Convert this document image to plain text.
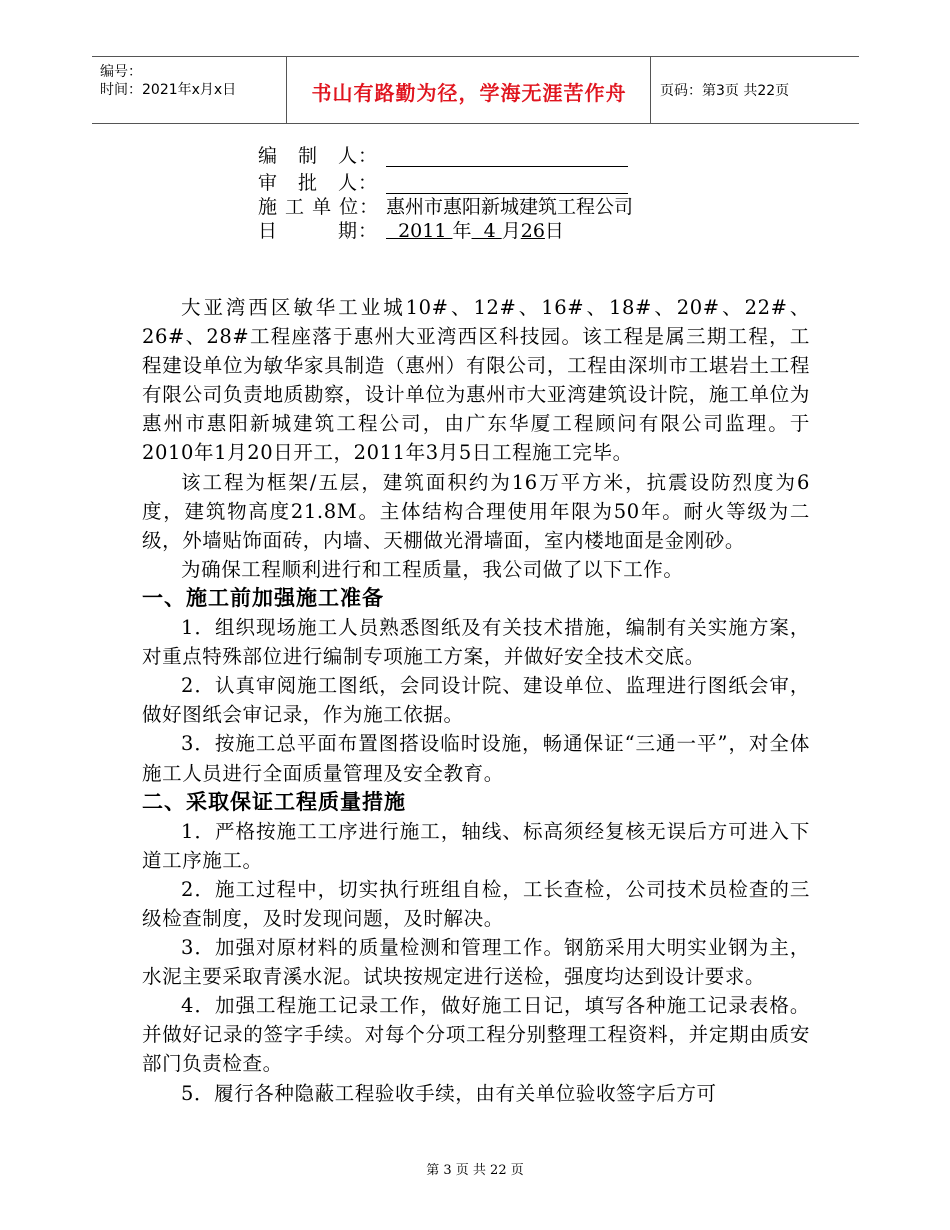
编号：
时间：2021年x月x日	书山有路勤为径，学海无涯苦作舟	页码：第3页 共22页
编　制　人：
审　批　人：
施 工 单 位： 惠州市惠阳新城建筑工程公司
日　　　期：  2011 年  4 月26日

大亚湾西区敏华工业城10#、12#、16#、18#、20#、22#、26#、28#工程座落于惠州大亚湾西区科技园。该工程是属三期工程，工程建设单位为敏华家具制造（惠州）有限公司，工程由深圳市工堪岩土工程有限公司负责地质勘察，设计单位为惠州市大亚湾建筑设计院，施工单位为惠州市惠阳新城建筑工程公司，由广东华厦工程顾问有限公司监理。于2010年1月20日开工，2011年3月5日工程施工完毕。

该工程为框架/五层，建筑面积约为16万平方米，抗震设防烈度为6度，建筑物高度21.8M。主体结构合理使用年限为50年。耐火等级为二级，外墙贴饰面砖，内墙、天棚做光滑墙面，室内楼地面是金刚砂。

为确保工程顺利进行和工程质量，我公司做了以下工作。

一、施工前加强施工准备

1．组织现场施工人员熟悉图纸及有关技术措施，编制有关实施方案，对重点特殊部位进行编制专项施工方案，并做好安全技术交底。

2．认真审阅施工图纸，会同设计院、建设单位、监理进行图纸会审，做好图纸会审记录，作为施工依据。

3．按施工总平面布置图搭设临时设施，畅通保证“三通一平”，对全体施工人员进行全面质量管理及安全教育。

二、采取保证工程质量措施

1．严格按施工工序进行施工，轴线、标高须经复核无误后方可进入下道工序施工。

2．施工过程中，切实执行班组自检，工长查检，公司技术员检查的三级检查制度，及时发现问题，及时解决。

3．加强对原材料的质量检测和管理工作。钢筋采用大明实业钢为主，水泥主要采取青溪水泥。试块按规定进行送检，强度均达到设计要求。

4．加强工程施工记录工作，做好施工日记，填写各种施工记录表格。并做好记录的签字手续。对每个分项工程分别整理工程资料，并定期由质安部门负责检查。

5．履行各种隐蔽工程验收手续，由有关单位验收签字后方可

第 3 页 共 22 页
